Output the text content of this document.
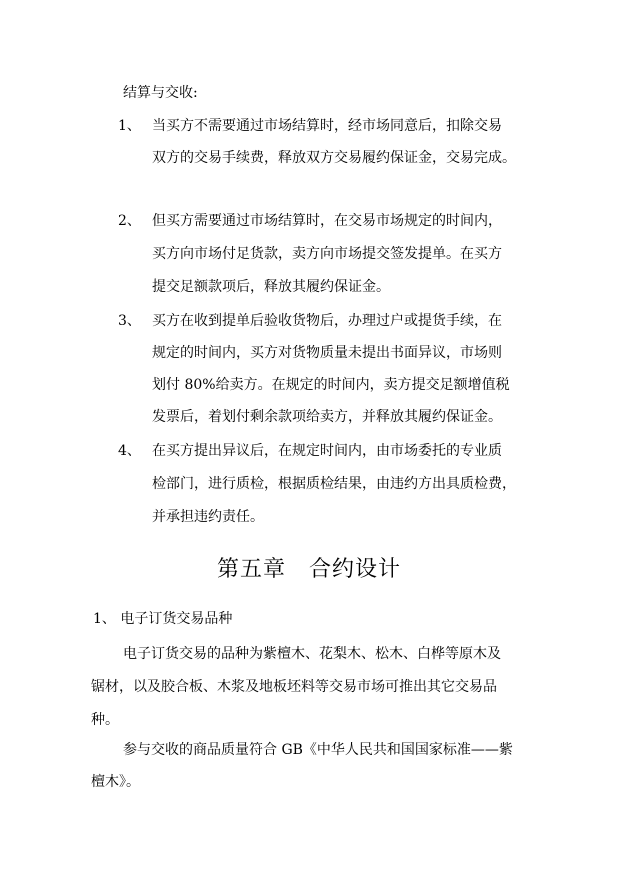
结算与交收:
1、 当买方不需要通过市场结算时，经市场同意后，扣除交易
双方的交易手续费，释放双方交易履约保证金，交易完成。
2、 但买方需要通过市场结算时，在交易市场规定的时间内，
买方向市场付足货款，卖方向市场提交签发提单。在买方
提交足额款项后，释放其履约保证金。
3、 买方在收到提单后验收货物后，办理过户或提货手续，在
规定的时间内，买方对货物质量未提出书面异议，市场则
划付 80%给卖方。在规定的时间内，卖方提交足额增值税
发票后，着划付剩余款项给卖方，并释放其履约保证金。
4、 在买方提出异议后，在规定时间内，由市场委托的专业质
检部门，进行质检，根据质检结果，由违约方出具质检费，
并承担违约责任。
第五章　合约设计
1、 电子订货交易品种
电子订货交易的品种为紫檀木、花梨木、松木、白桦等原木及
锯材，以及胶合板、木浆及地板坯料等交易市场可推出其它交易品
种。
参与交收的商品质量符合 GB《中华人民共和国国家标准——紫
檀木》。
